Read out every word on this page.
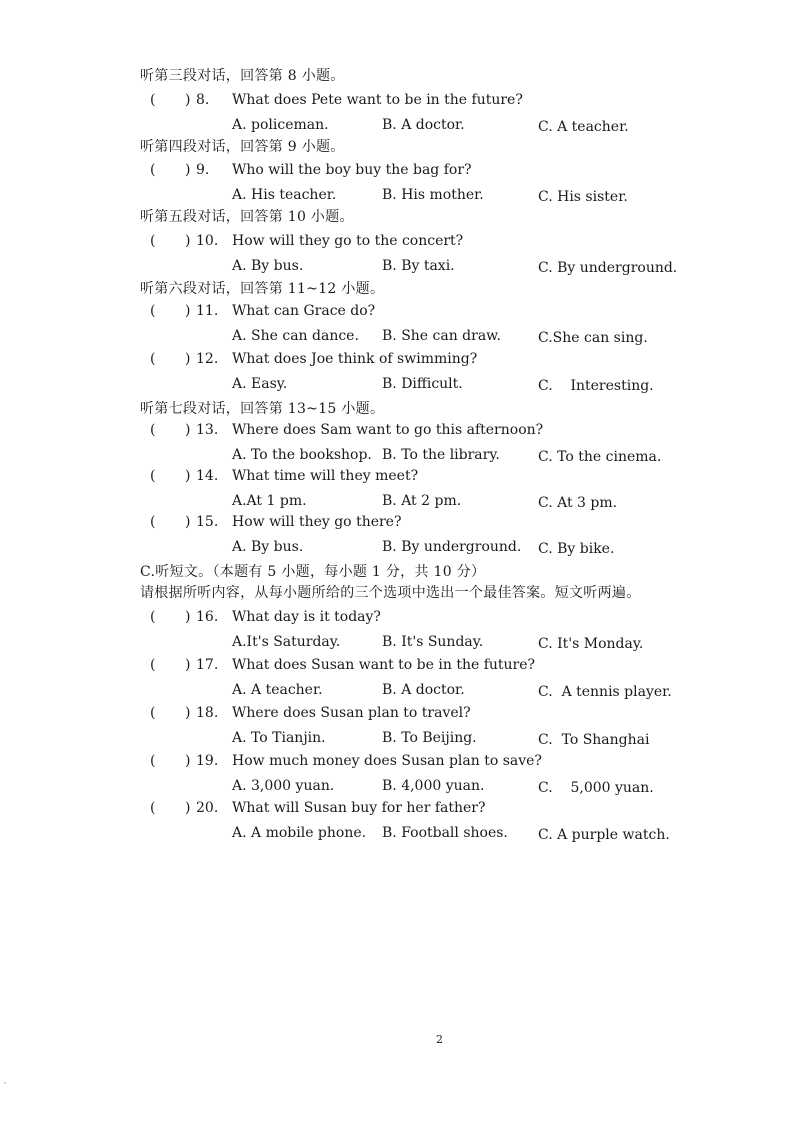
听第三段对话，回答第 8 小题。
听第四段对话，回答第 9 小题。
听第五段对话，回答第 10 小题。
听第六段对话，回答第 11~12 小题。
听第七段对话，回答第 13~15 小题。
C.听短文。（本题有 5 小题，每小题 1 分，共 10 分）
请根据所听内容，从每小题所给的三个选项中选出一个最佳答案。短文听两遍。
( ) 8. What does Pete want to be in the future?
A. policeman.	B. A doctor.	C. A teacher.
( ) 9. Who will the boy buy the bag for?
A. His teacher.	B. His mother.	C. His sister.
( ) 10. How will they go to the concert?
A. By bus.	B. By taxi.	C. By underground.
( ) 11. What can Grace do?
A. She can dance. B. She can draw.	C.She can sing.
( ) 12. What does Joe think of swimming?
A. Easy.	B. Difficult.	C.    Interesting.
( ) 13. Where does Sam want to go this afternoon?
A. To the bookshop. B. To the library.	C. To the cinema.
( ) 14. What time will they meet?
A.At 1 pm.	B. At 2 pm.	C. At 3 pm.
( ) 15. How will they go there?
A. By bus.	B. By underground. C. By bike.
( ) 16. What day is it today?
A.It's Saturday.	B. It's Sunday.	C. It's Monday.
( ) 17. What does Susan want to be in the future?
A. A teacher.	B. A doctor.	C.  A tennis player.
( ) 18. Where does Susan plan to travel?
A. To Tianjin.	B. To Beijing.	C.  To Shanghai
( ) 19. How much money does Susan plan to save?
A. 3,000 yuan.	B. 4,000 yuan.	C.    5,000 yuan.
( ) 20. What will Susan buy for her father?
A. A mobile phone. B. Football shoes. C. A purple watch.
2
